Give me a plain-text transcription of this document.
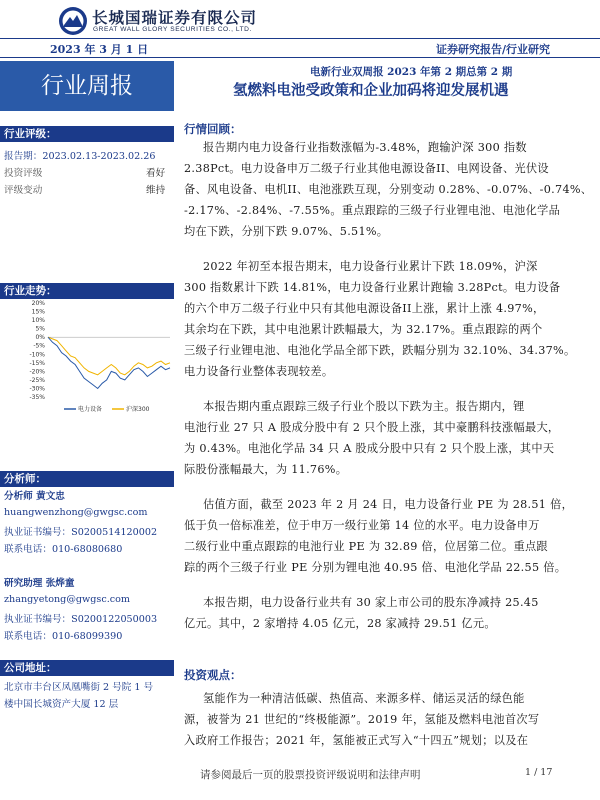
长城国瑞证券有限公司
GREAT WALL GLORY SECURITIES CO., LTD.
2023 年 3 月 1 日	证券研究报告/行业研究
行业周报
电新行业双周报 2023 年第 2 期总第 2 期
氢燃料电池受政策和企业加码将迎发展机遇
行业评级：
报告期：2023.02.13-2023.02.26
投资评级	看好
评级变动	维持
行业走势：
20%
15%
10%
5%
0%
-5%
-10%
-15%
-20%
-25%
-30%
-35%
电力设备	沪深300
分析师：
分析师 黄文忠
huangwenzhong@gwgsc.com
执业证书编号：S0200514120002
联系电话：010-68080680
研究助理 张烨童
zhangyetong@gwgsc.com
执业证书编号：S0200122050003
联系电话：010-68099390
公司地址：
北京市丰台区凤凰嘴街 2 号院 1 号
楼中国长城资产大厦 12 层
行情回顾：
报告期内电力设备行业指数涨幅为-3.48%，跑输沪深 300 指数
2.38Pct。电力设备申万二级子行业其他电源设备II、电网设备、光伏设
备、风电设备、电机II、电池涨跌互现，分别变动 0.28%、-0.07%、-0.74%、
-2.17%、-2.84%、-7.55%。重点跟踪的三级子行业锂电池、电池化学品
均在下跌，分别下跌 9.07%、5.51%。
2022 年初至本报告期末，电力设备行业累计下跌 18.09%，沪深
300 指数累计下跌 14.81%，电力设备行业累计跑输 3.28Pct。电力设备
的六个申万二级子行业中只有其他电源设备II上涨，累计上涨 4.97%，
其余均在下跌，其中电池累计跌幅最大，为 32.17%。重点跟踪的两个
三级子行业锂电池、电池化学品全部下跌，跌幅分别为 32.10%、34.37%。
电力设备行业整体表现较差。
本报告期内重点跟踪三级子行业个股以下跌为主。报告期内，锂
电池行业 27 只 A 股成分股中有 2 只个股上涨，其中豪鹏科技涨幅最大，
为 0.43%。电池化学品 34 只 A 股成分股中只有 2 只个股上涨，其中天
际股份涨幅最大，为 11.76%。
估值方面，截至 2023 年 2 月 24 日，电力设备行业 PE 为 28.51 倍，
低于负一倍标准差，位于申万一级行业第 14 位的水平。电力设备申万
二级行业中重点跟踪的电池行业 PE 为 32.89 倍，位居第二位。重点跟
踪的两个三级子行业 PE 分别为锂电池 40.95 倍、电池化学品 22.55 倍。
本报告期，电力设备行业共有 30 家上市公司的股东净减持 25.45
亿元。其中，2 家增持 4.05 亿元，28 家减持 29.51 亿元。
投资观点：
氢能作为一种清洁低碳、热值高、来源多样、储运灵活的绿色能
源，被誉为 21 世纪的“终极能源”。2019 年，氢能及燃料电池首次写
入政府工作报告；2021 年，氢能被正式写入“十四五”规划；以及在
请参阅最后一页的股票投资评级说明和法律声明	1 / 17
